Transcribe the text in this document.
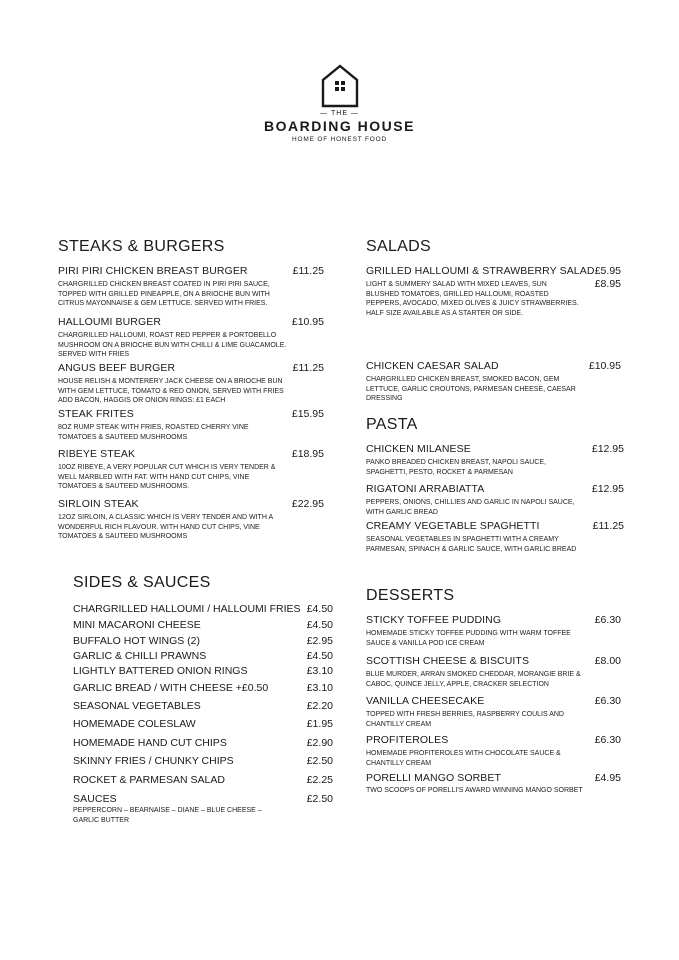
— THE —
BOARDING HOUSE
HOME OF HONEST FOOD
STEAKS & BURGERS
PIRI PIRI CHICKEN BREAST BURGER
CHARGRILLED CHICKEN BREAST COATED IN PIRI PIRI SAUCE, TOPPED WITH GRILLED PINEAPPLE, ON A BRIOCHE BUN WITH CITRUS MAYONNAISE & GEM LETTUCE. SERVED WITH FRIES.
£11.25
HALLOUMI BURGER
CHARGRILLED HALLOUMI, ROAST RED PEPPER & PORTOBELLO MUSHROOM ON A BRIOCHE BUN WITH CHILLI & LIME GUACAMOLE. SERVED WITH FRIES
£10.95
ANGUS BEEF BURGER
HOUSE RELISH & MONTERERY JACK CHEESE ON A BRIOCHE BUN WITH GEM LETTUCE, TOMATO & RED ONION, SERVED WITH FRIES ADD BACON, HAGGIS OR ONION RINGS: £1 EACH
£11.25
STEAK FRITES
8OZ RUMP STEAK WITH FRIES, ROASTED CHERRY VINE TOMATOES & SAUTEED MUSHROOMS
£15.95
RIBEYE STEAK
10OZ RIBEYE, A VERY POPULAR CUT WHICH IS VERY TENDER & WELL MARBLED WITH FAT. WITH HAND CUT CHIPS, VINE TOMATOES & SAUTEED MUSHROOMS.
£18.95
SIRLOIN STEAK
12OZ SIRLOIN, A CLASSIC WHICH IS VERY TENDER AND WITH A WONDERFUL RICH FLAVOUR. WITH HAND CUT CHIPS, VINE TOMATOES & SAUTEED MUSHROOMS
£22.95
SIDES & SAUCES
CHARGRILLED HALLOUMI / HALLOUMI FRIES £4.50
MINI MACARONI CHEESE	£4.50
BUFFALO HOT WINGS (2)	£2.95
GARLIC & CHILLI PRAWNS	£4.50
LIGHTLY BATTERED ONION RINGS	£3.10
GARLIC BREAD / WITH CHEESE +£0.50	£3.10
SEASONAL VEGETABLES	£2.20
HOMEMADE COLESLAW	£1.95
HOMEMADE HAND CUT CHIPS	£2.90
SKINNY FRIES / CHUNKY CHIPS	£2.50
ROCKET & PARMESAN SALAD	£2.25
SAUCES
PEPPERCORN – BEARNAISE – DIANE – BLUE CHEESE – GARLIC BUTTER
£2.50
SALADS
GRILLED HALLOUMI & STRAWBERRY SALAD
LIGHT & SUMMERY SALAD WITH MIXED LEAVES, SUN BLUSHED TOMATOES, GRILLED HALLOUMI, ROASTED PEPPERS, AVOCADO, MIXED OLIVES & JUICY STRAWBERRIES. HALF SIZE AVAILABLE AS A STARTER OR SIDE.
£5.95
£8.95
CHICKEN CAESAR SALAD
CHARGRILLED CHICKEN BREAST, SMOKED BACON, GEM LETTUCE, GARLIC CROUTONS, PARMESAN CHEESE, CAESAR DRESSING
£10.95
PASTA
CHICKEN MILANESE
PANKO BREADED CHICKEN BREAST, NAPOLI SAUCE, SPAGHETTI, PESTO, ROCKET & PARMESAN
£12.95
RIGATONI ARRABIATTA
PEPPERS, ONIONS, CHILLIES AND GARLIC IN NAPOLI SAUCE, WITH GARLIC BREAD
£12.95
CREAMY VEGETABLE SPAGHETTI
SEASONAL VEGETABLES IN SPAGHETTI WITH A CREAMY PARMESAN, SPINACH & GARLIC SAUCE, WITH GARLIC BREAD
£11.25
DESSERTS
STICKY TOFFEE PUDDING
HOMEMADE STICKY TOFFEE PUDDING WITH WARM TOFFEE SAUCE & VANILLA POD ICE CREAM
£6.30
SCOTTISH CHEESE & BISCUITS
BLUE MURDER, ARRAN SMOKED CHEDDAR, MORANGIE BRIE & CABOC, QUINCE JELLY, APPLE, CRACKER SELECTION
£8.00
VANILLA CHEESECAKE
TOPPED WITH FRESH BERRIES, RASPBERRY COULIS AND CHANTILLY CREAM
£6.30
PROFITEROLES
HOMEMADE PROFITEROLES WITH CHOCOLATE SAUCE & CHANTILLY CREAM
£6.30
PORELLI MANGO SORBET
TWO SCOOPS OF PORELLI'S AWARD WINNING MANGO SORBET
£4.95
